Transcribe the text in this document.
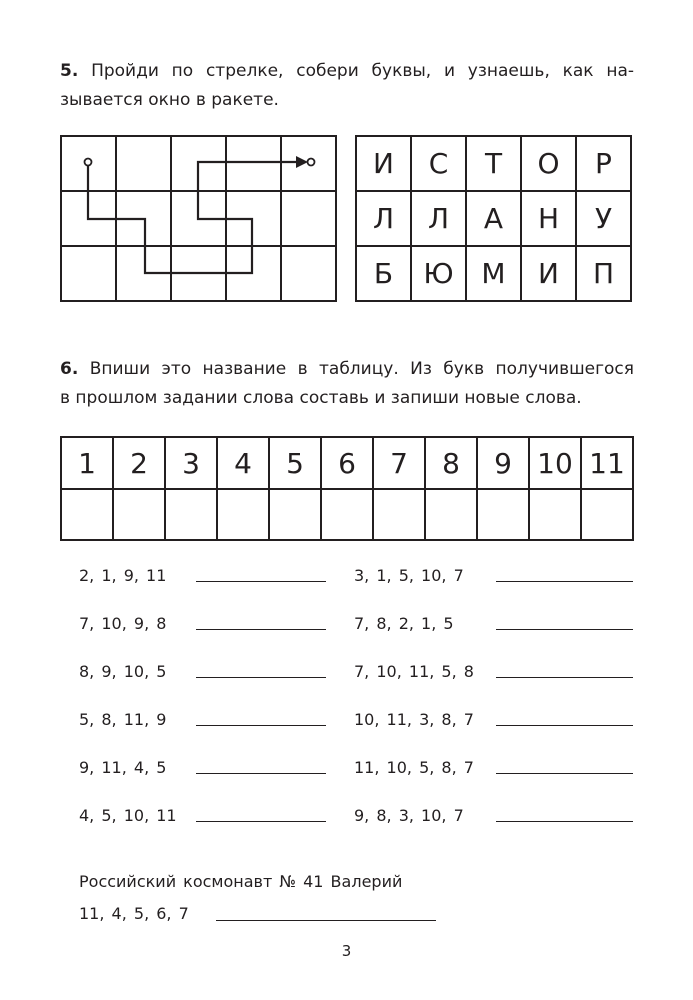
5. Пройди по стрелке, собери буквы, и узнаешь, как на-
зывается окно в ракете.

И	С	Т	О	Р
Л	Л	А	Н	У
Б	Ю	М	И	П
6. Впиши это название в таблицу. Из букв получившегося
в прошлом задании слова составь и запиши новые слова.
1	2	3	4	5	6	7	8	9	10	11

2, 1, 9, 11
7, 10, 9, 8
8, 9, 10, 5
5, 8, 11, 9
9, 11, 4, 5
4, 5, 10, 11
3, 1, 5, 10, 7
7, 8, 2, 1, 5
7, 10, 11, 5, 8
10, 11, 3, 8, 7
11, 10, 5, 8, 7
9, 8, 3, 10, 7
Российский космонавт № 41 Валерий
11, 4, 5, 6, 7
3
